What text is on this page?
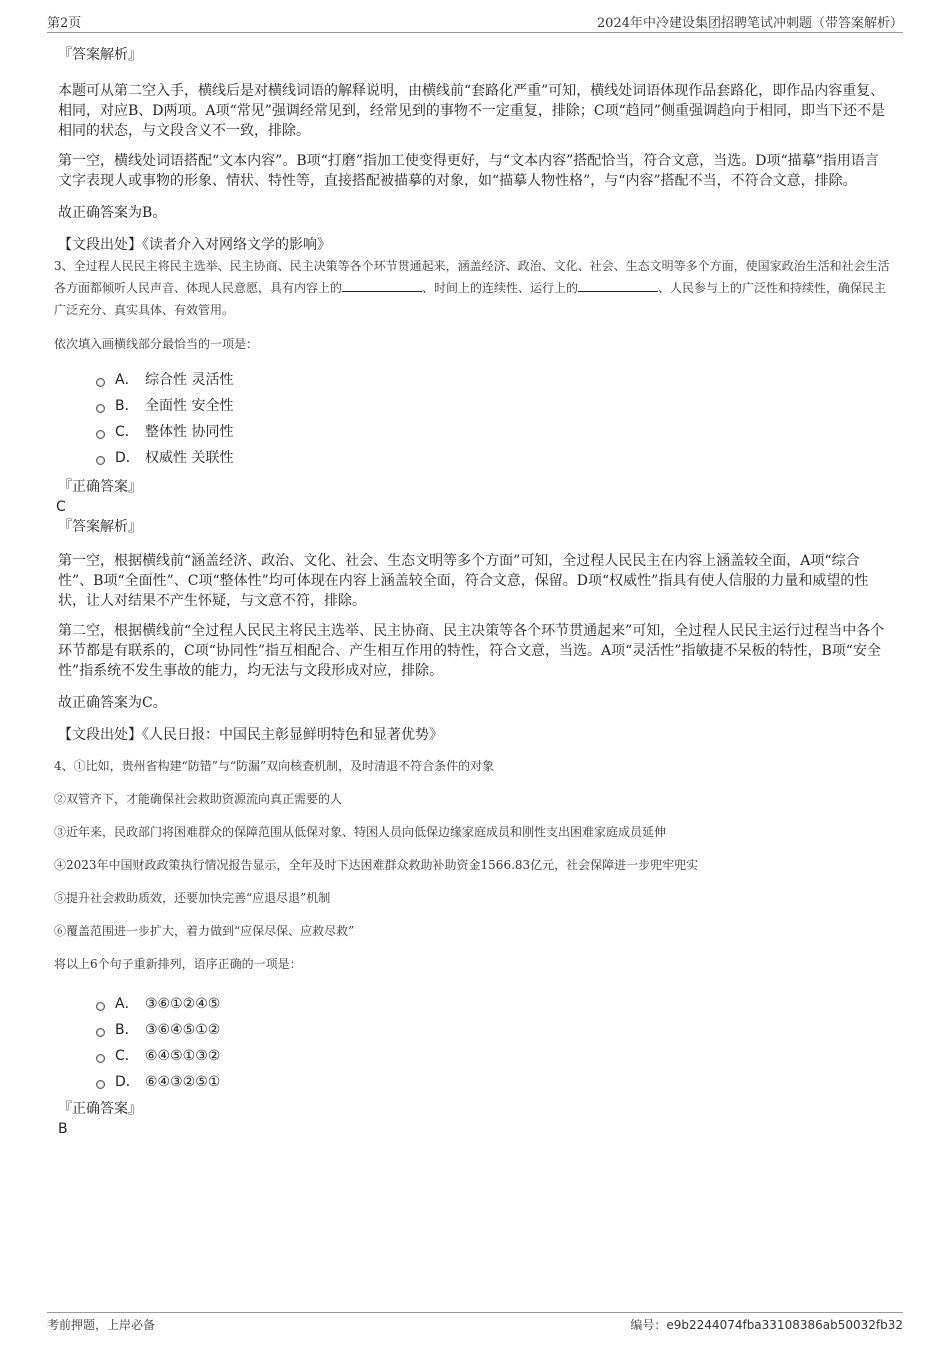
第2页	2024年中冷建设集团招聘笔试冲刺题（带答案解析）

『答案解析』

本题可从第二空入手，横线后是对横线词语的解释说明，由横线前“套路化严重”可知，横线处词语体现作品套路化，即作品内容重复、相同，对应B、D两项。A项“常见”强调经常见到，经常见到的事物不一定重复，排除；C项“趋同”侧重强调趋向于相同，即当下还不是相同的状态，与文段含义不一致，排除。

第一空，横线处词语搭配“文本内容”。B项“打磨”指加工使变得更好，与“文本内容”搭配恰当，符合文意，当选。D项“描摹”指用语言文字表现人或事物的形象、情状、特性等，直接搭配被描摹的对象，如“描摹人物性格”，与“内容”搭配不当，不符合文意，排除。

故正确答案为B。

【文段出处】《读者介入对网络文学的影响》

3、全过程人民民主将民主选举、民主协商、民主决策等各个环节贯通起来，涵盖经济、政治、文化、社会、生态文明等多个方面，使国家政治生活和社会生活各方面都倾听人民声音、体现人民意愿，具有内容上的	、时间上的连续性、运行上的	、人民参与上的广泛性和持续性，确保民主广泛充分、真实具体、有效管用。

依次填入画横线部分最恰当的一项是：

A． 综合性 灵活性
B． 全面性 安全性
C． 整体性 协同性
D． 权威性 关联性

『正确答案』

C

『答案解析』

第一空，根据横线前“涵盖经济、政治、文化、社会、生态文明等多个方面”可知，全过程人民民主在内容上涵盖较全面，A项“综合性”、B项“全面性”、C项“整体性”均可体现在内容上涵盖较全面，符合文意，保留。D项“权威性”指具有使人信服的力量和威望的性状，让人对结果不产生怀疑，与文意不符，排除。

第二空，根据横线前“全过程人民民主将民主选举、民主协商、民主决策等各个环节贯通起来”可知，全过程人民民主运行过程当中各个环节都是有联系的，C项“协同性”指互相配合、产生相互作用的特性，符合文意，当选。A项“灵活性”指敏捷不呆板的特性，B项“安全性”指系统不发生事故的能力，均无法与文段形成对应，排除。

故正确答案为C。

【文段出处】《人民日报：中国民主彰显鲜明特色和显著优势》

4、①比如，贵州省构建“防错”与“防漏”双向核查机制，及时清退不符合条件的对象

②双管齐下，才能确保社会救助资源流向真正需要的人

③近年来，民政部门将困难群众的保障范围从低保对象、特困人员向低保边缘家庭成员和刚性支出困难家庭成员延伸

④2023年中国财政政策执行情况报告显示，全年及时下达困难群众救助补助资金1566.83亿元，社会保障进一步兜牢兜实

⑤提升社会救助质效，还要加快完善“应退尽退”机制

⑥覆盖范围进一步扩大，着力做到“应保尽保、应救尽救”

将以上6个句子重新排列，语序正确的一项是：

A． ③⑥①②④⑤
B． ③⑥④⑤①②
C． ⑥④⑤①③②
D． ⑥④③②⑤①

『正确答案』

B

考前押题，上岸必备	编号：e9b2244074fba33108386ab50032fb32
